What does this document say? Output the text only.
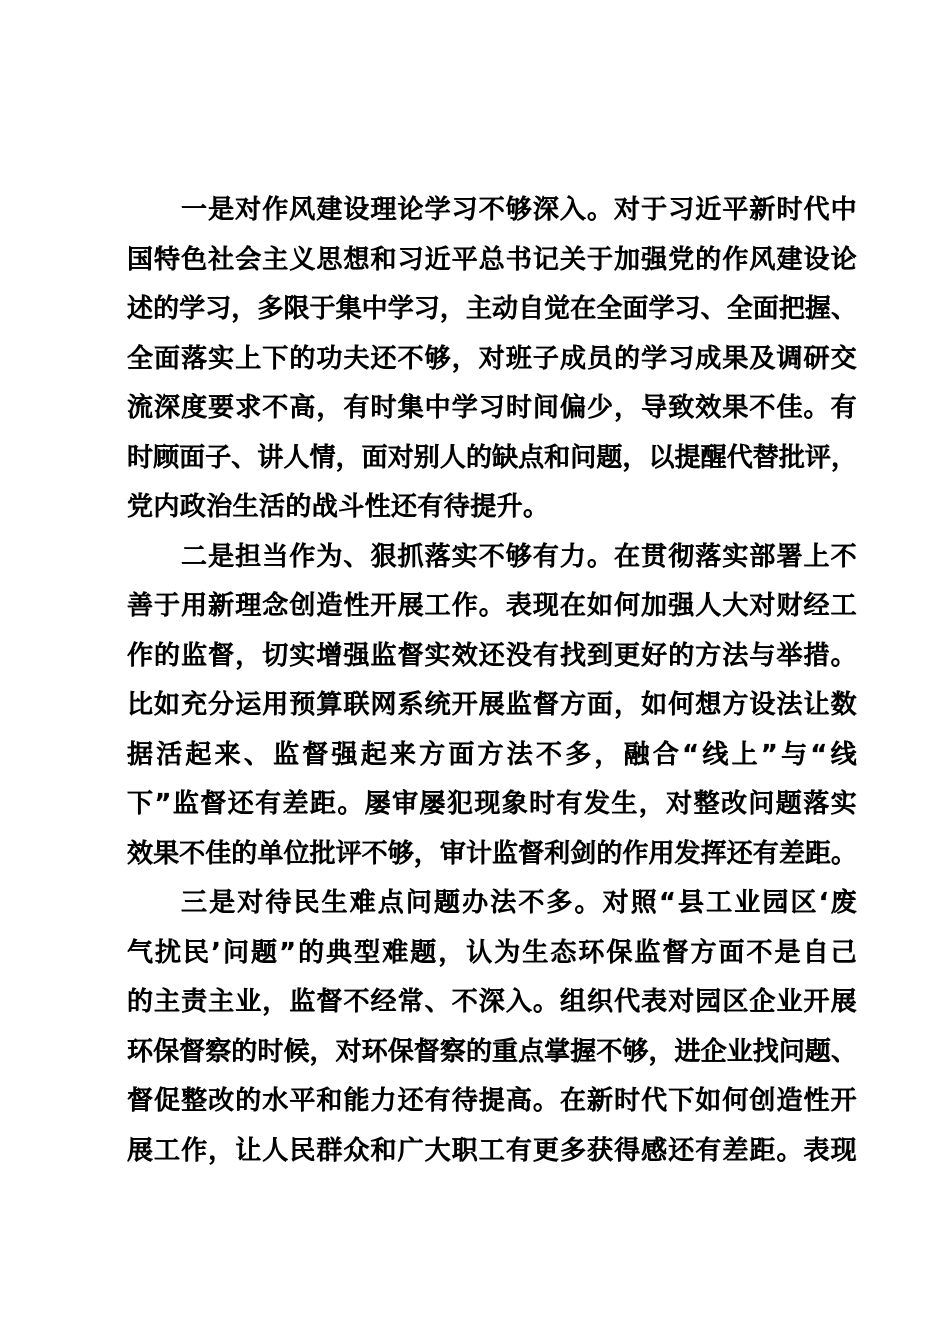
一是对作风建设理论学习不够深入。对于习近平新时代中
国特色社会主义思想和习近平总书记关于加强党的作风建设论
述的学习，多限于集中学习，主动自觉在全面学习、全面把握、
全面落实上下的功夫还不够，对班子成员的学习成果及调研交
流深度要求不高，有时集中学习时间偏少，导致效果不佳。有
时顾面子、讲人情，面对别人的缺点和问题，以提醒代替批评，
党内政治生活的战斗性还有待提升。
二是担当作为、狠抓落实不够有力。在贯彻落实部署上不
善于用新理念创造性开展工作。表现在如何加强人大对财经工
作的监督，切实增强监督实效还没有找到更好的方法与举措。
比如充分运用预算联网系统开展监督方面，如何想方设法让数
据活起来、监督强起来方面方法不多，融合“线上”与“线
下”监督还有差距。屡审屡犯现象时有发生，对整改问题落实
效果不佳的单位批评不够，审计监督利剑的作用发挥还有差距。
三是对待民生难点问题办法不多。对照“县工业园区‘废
气扰民’问题”的典型难题，认为生态环保监督方面不是自己
的主责主业，监督不经常、不深入。组织代表对园区企业开展
环保督察的时候，对环保督察的重点掌握不够，进企业找问题、
督促整改的水平和能力还有待提高。在新时代下如何创造性开
展工作，让人民群众和广大职工有更多获得感还有差距。表现
